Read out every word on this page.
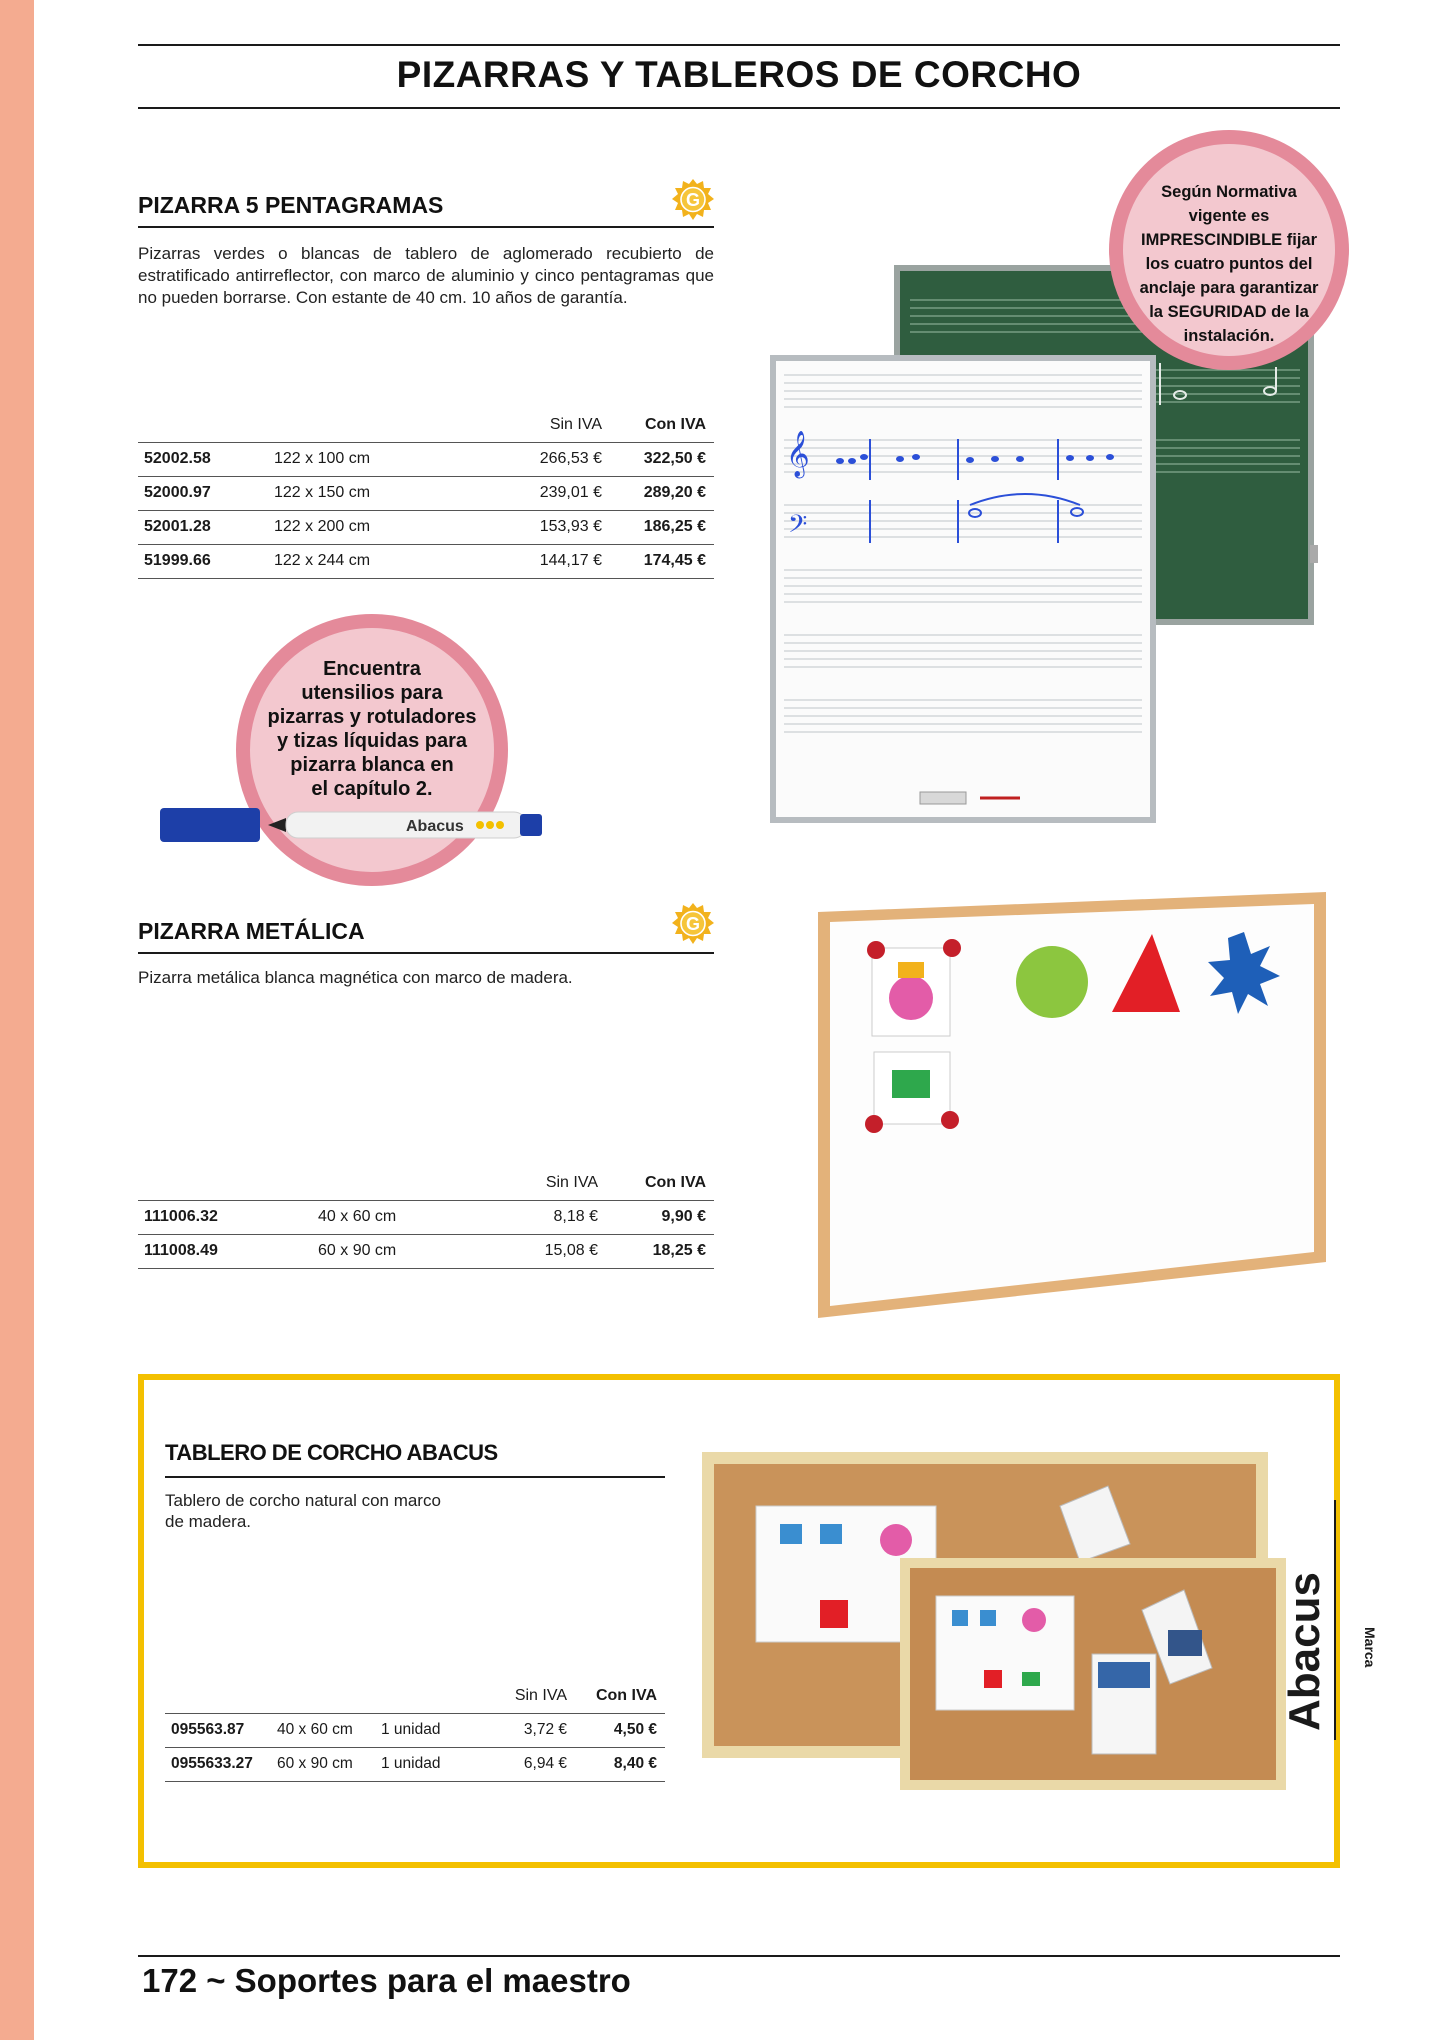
PIZARRAS Y TABLEROS DE CORCHO
PIZARRA 5 PENTAGRAMAS	G
Pizarras verdes o blancas de tablero de aglomerado recubierto de estratificado antirreflector, con marco de aluminio y cinco pentagramas que no pueden borrarse. Con estante de 40 cm. 10 años de garantía.
		Sin IVA	Con IVA
52002.58	122 x 100 cm	266,53 €	322,50 €
52000.97	122 x 150 cm	239,01 €	289,20 €
52001.28	122 x 200 cm	153,93 €	186,25 €
51999.66	122 x 244 cm	144,17 €	174,45 €
𝄞
𝄢
Según Normativa
vigente es
IMPRESCINDIBLE fijar
los cuatro puntos del
anclaje para garantizar
la SEGURIDAD de la
instalación.
Encuentra
utensilios para
pizarras y rotuladores
y tizas líquidas para
pizarra blanca en
el capítulo 2.
Abacus
PIZARRA METÁLICA	G
Pizarra metálica blanca magnética con marco de madera.
		Sin IVA	Con IVA
111006.32	40 x 60 cm	8,18 €	9,90 €
111008.49	60 x 90 cm	15,08 €	18,25 €
TABLERO DE CORCHO ABACUS
Tablero de corcho natural con marco
de madera.
			Sin IVA	Con IVA
095563.87	40 x 60 cm	1 unidad	3,72 €	4,50 €
0955633.27	60 x 90 cm	1 unidad	6,94 €	8,40 €
Abacus Marca
172 ~ Soportes para el maestro
